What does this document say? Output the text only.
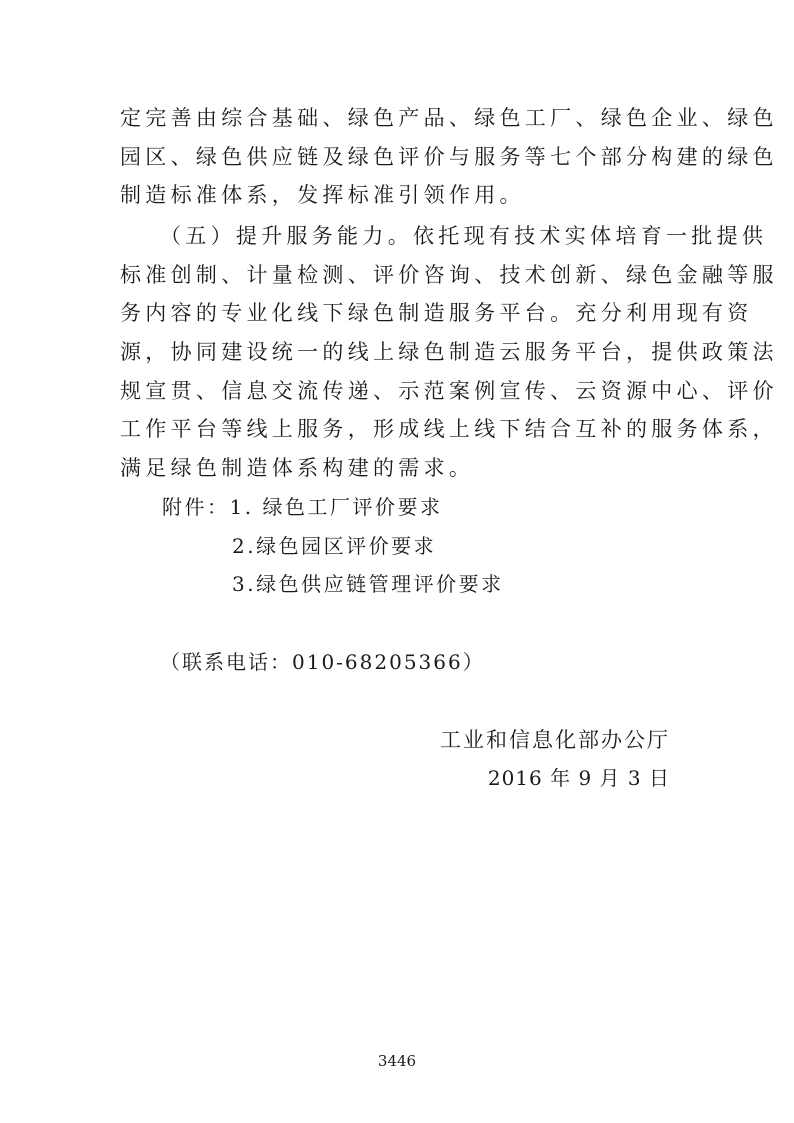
定完善由综合基础、绿色产品、绿色工厂、绿色企业、绿色
园区、绿色供应链及绿色评价与服务等七个部分构建的绿色
制造标准体系，发挥标准引领作用。
（五）提升服务能力。依托现有技术实体培育一批提供
标准创制、计量检测、评价咨询、技术创新、绿色金融等服
务内容的专业化线下绿色制造服务平台。充分利用现有资
源，协同建设统一的线上绿色制造云服务平台，提供政策法
规宣贯、信息交流传递、示范案例宣传、云资源中心、评价
工作平台等线上服务，形成线上线下结合互补的服务体系，
满足绿色制造体系构建的需求。
附件：1. 绿色工厂评价要求
2.绿色园区评价要求
3.绿色供应链管理评价要求
（联系电话：010-68205366）
工业和信息化部办公厅
2016 年 9 月 3 日
3446
